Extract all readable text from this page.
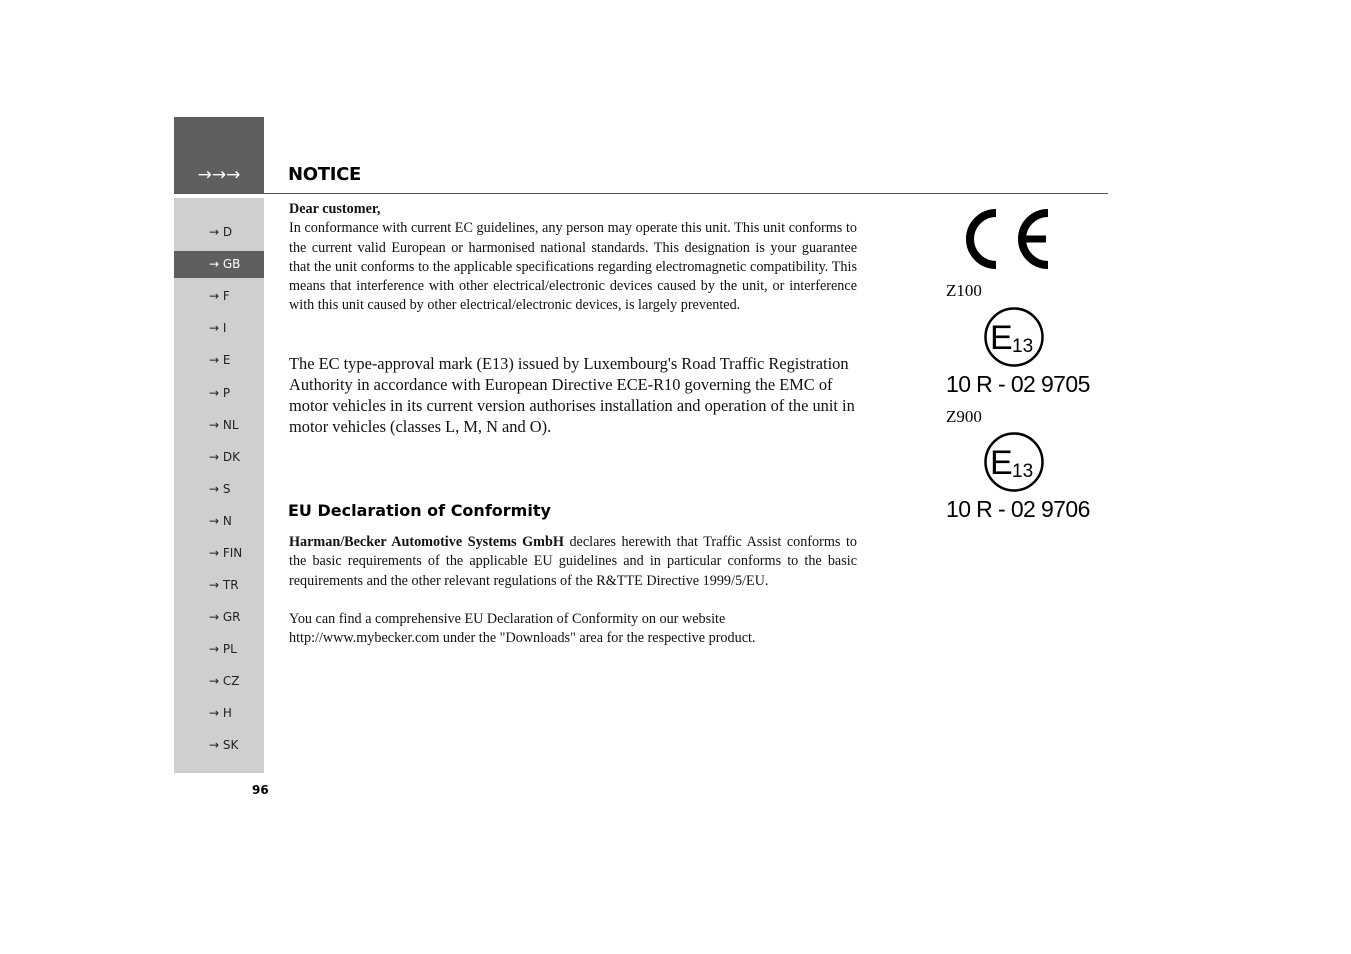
→→→	NOTICE
→ D
→ GB
→ F
→ I
→ E
→ P
→ NL
→ DK
→ S
→ N
→ FIN
→ TR
→ GR
→ PL
→ CZ
→ H
→ SK
Dear customer,
In conformance with current EC guidelines, any person may operate this unit. This unit conforms to the current valid European or harmonised national standards. This designation is your guarantee that the unit conforms to the applicable specifications regarding electromagnetic compatibility. This means that interference with other electrical/electronic devices caused by the unit, or interference with this unit caused by other electrical/electronic devices, is largely prevented.
The EC type-approval mark (E13) issued by Luxembourg's Road Traffic Registration Authority in accordance with European Directive ECE-R10 governing the EMC of motor vehicles in its current version authorises installation and operation of the unit in motor vehicles (classes L, M, N and O).
EU Declaration of Conformity
Harman/Becker Automotive Systems GmbH declares herewith that Traffic Assist conforms to the basic requirements of the applicable EU guidelines and in particular conforms to the basic requirements and the other relevant regulations of the R&TTE Directive 1999/5/EU.
You can find a comprehensive EU Declaration of Conformity on our website
http://www.mybecker.com under the "Downloads" area for the respective product.
Z100
E 13
10 R - 02 9705
Z900
E 13
10 R - 02 9706
96
